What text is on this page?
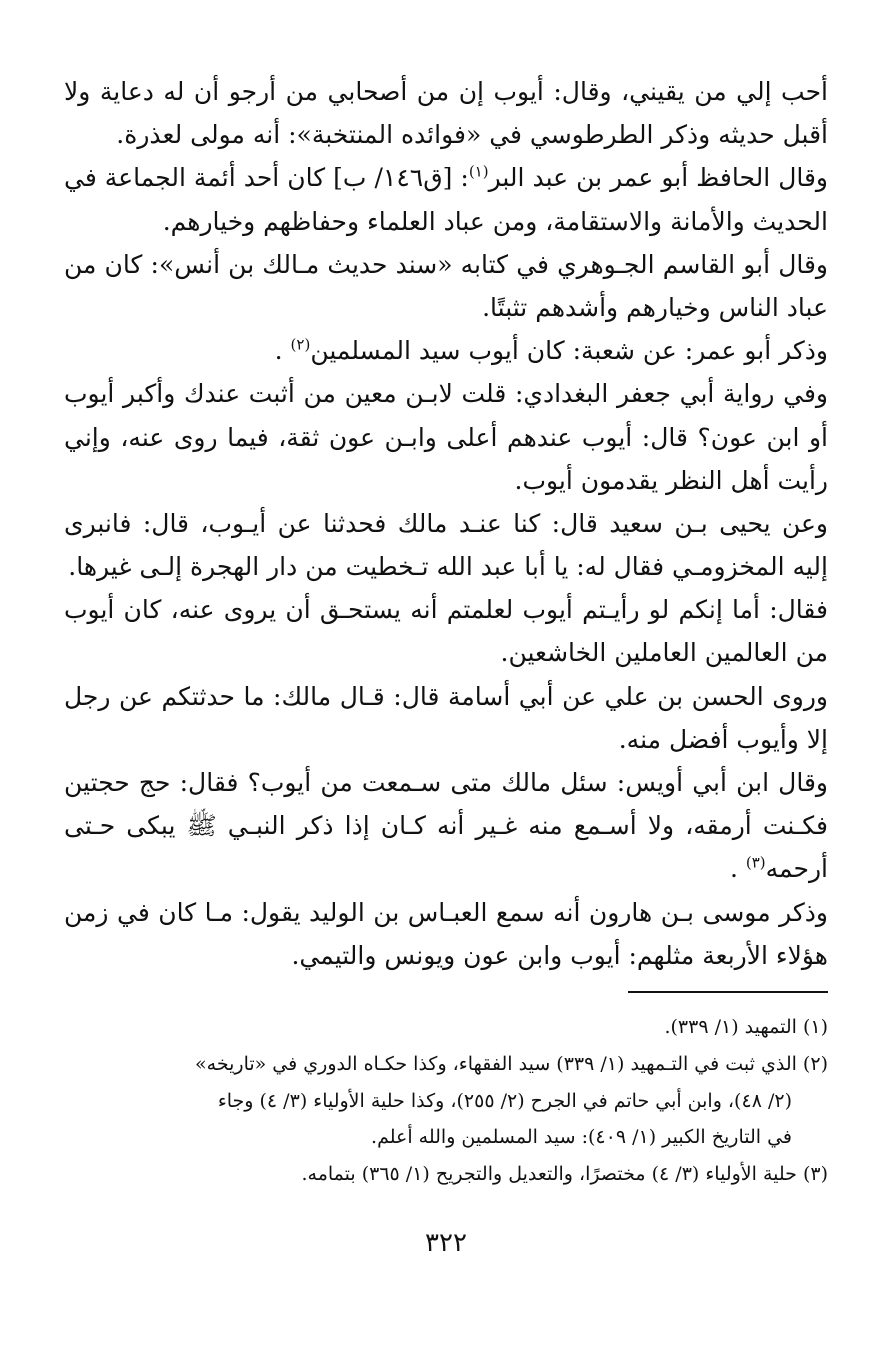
أحب إلي من يقيني، وقال: أيوب إن من أصحابي من أرجو أن له دعاية ولا
أقبل حديثه وذكر الطرطوسي في «فوائده المنتخبة»: أنه مولى لعذرة.
وقال الحافظ أبو عمر بن عبد البر$^{(١)}$: [ق١٤٦/ ب] كان أحد أئمة الجماعة في
الحديث والأمانة والاستقامة، ومن عباد العلماء وحفاظهم وخيارهم.
وقال أبو القاسم الجـوهري في كتابه «سند حديث مـالك بن أنس»: كان من
عباد الناس وخيارهم وأشدهم تثبتًا.
وذكر أبو عمر: عن شعبة: كان أيوب سيد المسلمين$^{(٢)}$ .
وفي رواية أبي جعفر البغدادي: قلت لابـن معين من أثبت عندك وأكبر أيوب
أو ابن عون؟ قال: أيوب عندهم أعلى وابـن عون ثقة، فيما روى عنه، وإني
رأيت أهل النظر يقدمون أيوب.
وعن يحيى بـن سعيد قال: كنا عنـد مالك فحدثنا عن أيـوب، قال: فانبرى
إليه المخزومـي فقال له: يا أبا عبد الله تـخطيت من دار الهجرة إلـى غيرها.
فقال: أما إنكم لو رأيـتم أيوب لعلمتم أنه يستحـق أن يروى عنه، كان أيوب
من العالمين العاملين الخاشعين.
وروى الحسن بن علي عن أبي أسامة قال: قـال مالك: ما حدثتكم عن رجل
إلا وأيوب أفضل منه.
وقال ابن أبي أويس: سئل مالك متى سـمعت من أيوب؟ فقال: حج حجتين
فكـنت أرمقه، ولا أسـمع منه غـير أنه كـان إذا ذكر النبـي ﷺ يبكى حـتى
أرحمه$^{(٣)}$ .
وذكر موسى بـن هارون أنه سمع العبـاس بن الوليد يقول: مـا كان في زمن
هؤلاء الأربعة مثلهم: أيوب وابن عون ويونس والتيمي.
(١) التمهيد (١/ ٣٣٩).
(٢) الذي ثبت في التـمهيد (١/ ٣٣٩) سيد الفقهاء، وكذا حكـاه الدوري في «تاريخه»
(٢/ ٤٨)، وابن أبي حاتم في الجرح (٢/ ٢٥٥)، وكذا حلية الأولياء (٣/ ٤) وجاء
في التاريخ الكبير (١/ ٤٠٩): سيد المسلمين والله أعلم.
(٣) حلية الأولياء (٣/ ٤) مختصرًا، والتعديل والتجريح (١/ ٣٦٥) بتمامه.
٣٢٢
